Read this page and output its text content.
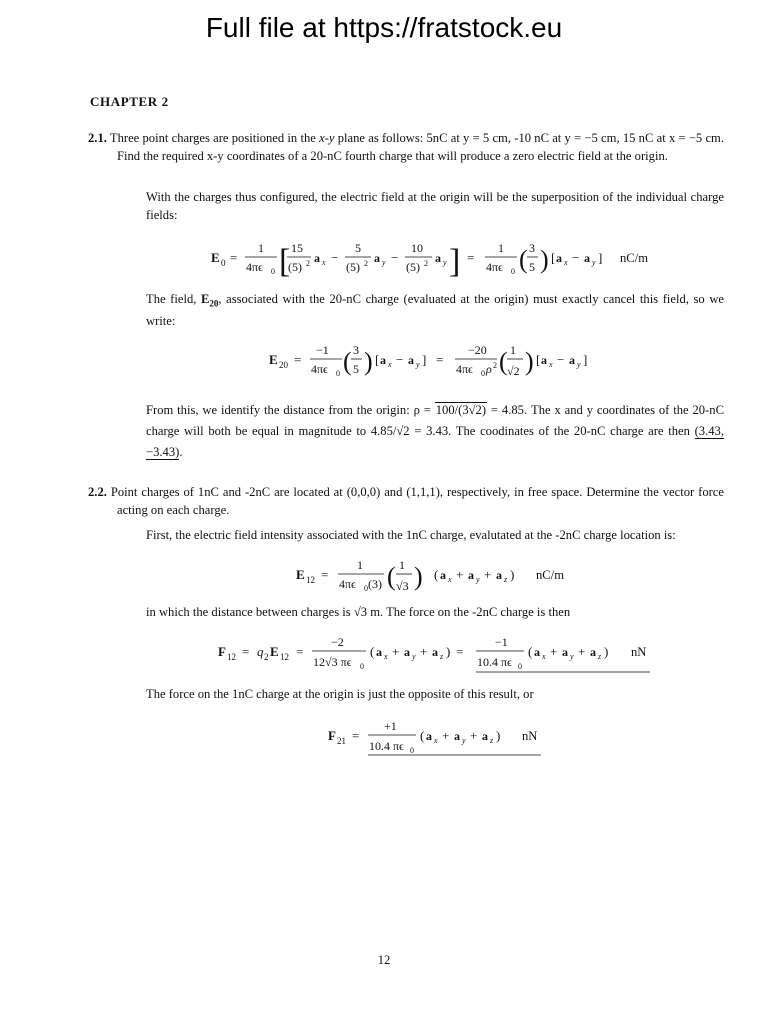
Full file at https://fratstock.eu
CHAPTER 2
2.1. Three point charges are positioned in the x-y plane as follows: 5nC at y = 5 cm, -10 nC at y = −5 cm, 15 nC at x = −5 cm. Find the required x-y coordinates of a 20-nC fourth charge that will produce a zero electric field at the origin.
With the charges thus configured, the electric field at the origin will be the superposition of the individual charge fields:
E 0 =
1
4πϵ 0 [ 15
(5) 2 a x −
5
(5) 2 a y −
10
(5) 2 a y ] =
1
4πϵ 0 ( 3
5 ) [ a x − a y ] nC/m
The field, $E_{20}$, associated with the 20-nC charge (evaluated at the origin) must exactly cancel this field, so we write:
E 20 =
−1
4πϵ 0 ( 3
5 ) [ a x − a y ] =
−20
4πϵ 0 ρ 2 ( 1
√2 ) [ a x − a y ]
From this, we identify the distance from the origin: ρ = 100/(3√2) = 4.85. The x and y coordinates of the 20-nC charge will both be equal in magnitude to 4.85/√2 = 3.43. The coodinates of the 20-nC charge are then (3.43, −3.43).
2.2. Point charges of 1nC and -2nC are located at (0,0,0) and (1,1,1), respectively, in free space. Determine the vector force acting on each charge.
First, the electric field intensity associated with the 1nC charge, evalutated at the -2nC charge location is:
E 12 =
1
4πϵ 0 (3) ( 1
√3 ) ( a x + a y + a z ) nC/m
in which the distance between charges is √3 m. The force on the -2nC charge is then
F 12 = q 2 E 12 =
−2
12√3 πϵ 0
( a x + a y + a z ) =
−1
10.4 πϵ 0
( a x + a y + a z ) nN
The force on the 1nC charge at the origin is just the opposite of this result, or
F 21 =
+1
10.4 πϵ 0
( a x + a y + a z ) nN
12
